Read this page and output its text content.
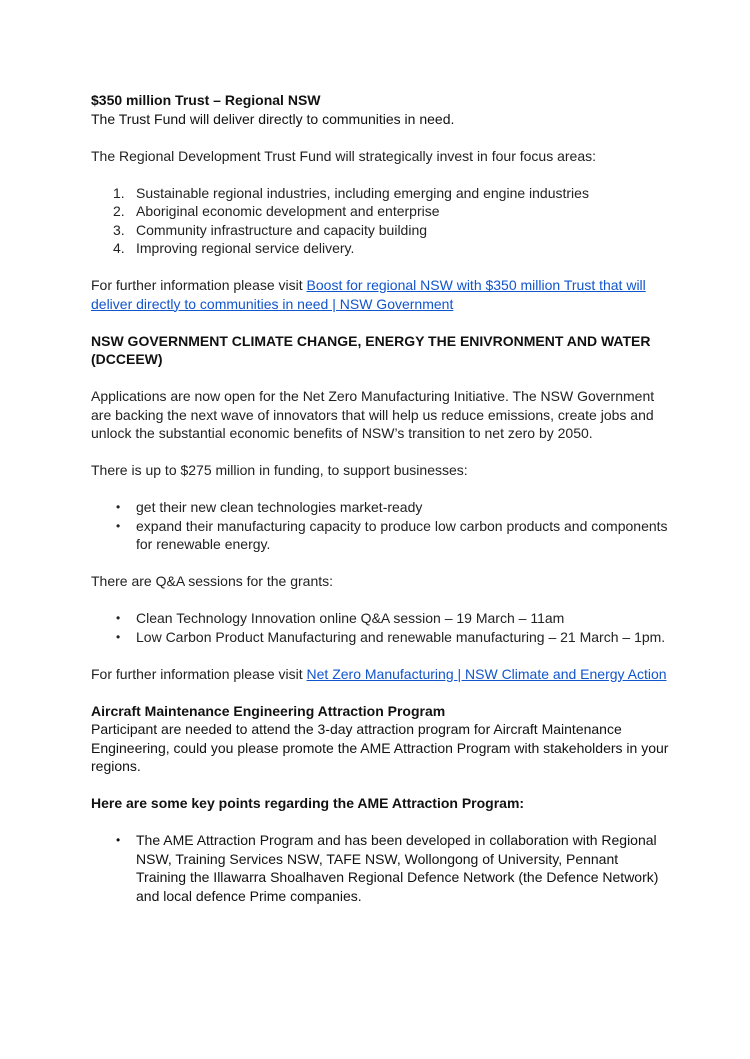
$350 million Trust – Regional NSW

The Trust Fund will deliver directly to communities in need.

The Regional Development Trust Fund will strategically invest in four focus areas:

1. Sustainable regional industries, including emerging and engine industries
2. Aboriginal economic development and enterprise
3. Community infrastructure and capacity building
4. Improving regional service delivery.

For further information please visit Boost for regional NSW with $350 million Trust that will deliver directly to communities in need | NSW Government

NSW GOVERNMENT CLIMATE CHANGE, ENERGY THE ENIVRONMENT AND WATER (DCCEEW)

Applications are now open for the Net Zero Manufacturing Initiative. The NSW Government are backing the next wave of innovators that will help us reduce emissions, create jobs and unlock the substantial economic benefits of NSW’s transition to net zero by 2050.

There is up to $275 million in funding, to support businesses:

• get their new clean technologies market-ready
• expand their manufacturing capacity to produce low carbon products and components for renewable energy.

There are Q&A sessions for the grants:

• Clean Technology Innovation online Q&A session – 19 March – 11am
• Low Carbon Product Manufacturing and renewable manufacturing – 21 March – 1pm.

For further information please visit Net Zero Manufacturing | NSW Climate and Energy Action

Aircraft Maintenance Engineering Attraction Program

Participant are needed to attend the 3-day attraction program for Aircraft Maintenance Engineering, could you please promote the AME Attraction Program with stakeholders in your regions.

Here are some key points regarding the AME Attraction Program:

• The AME Attraction Program and has been developed in collaboration with Regional NSW, Training Services NSW, TAFE NSW, Wollongong of University, Pennant Training the Illawarra Shoalhaven Regional Defence Network (the Defence Network) and local defence Prime companies.
